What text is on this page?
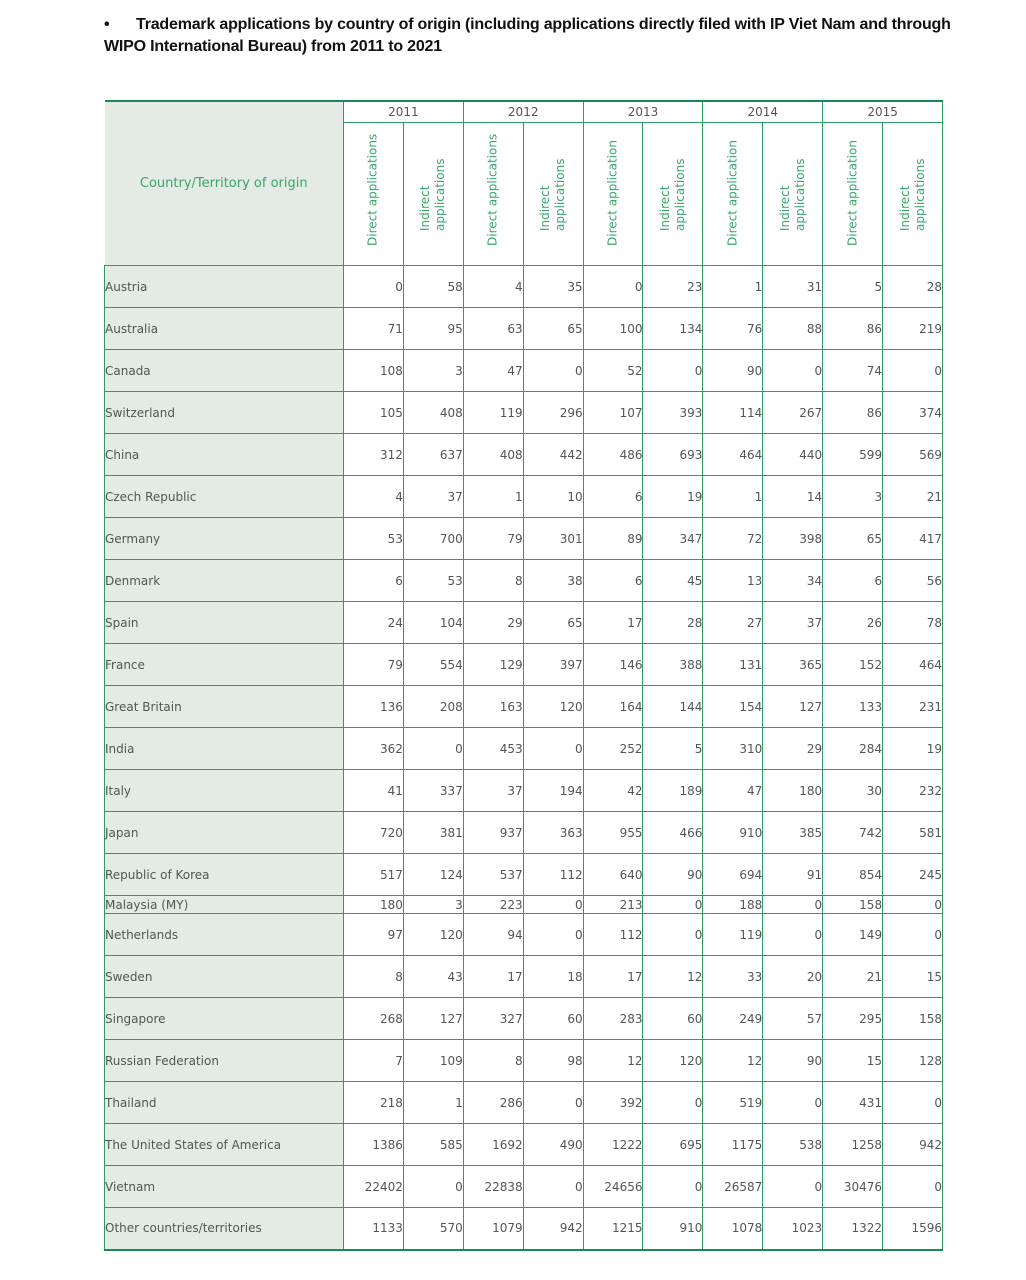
• Trademark applications by country of origin (including applications directly filed with IP Viet Nam and through WIPO International Bureau) from 2011 to 2021
Country/Territory of origin	2011		2012		2013		2014		2015	

	Direct applications	Indirect applications	Direct applications	Indirect applications	Direct application	Indirect applications	Direct application	Indirect applications	Direct application	Indirect applications

Austria	0	58	4	35	0	23	1	31	5	28
Australia	71	95	63	65	100	134	76	88	86	219
Canada	108	3	47	0	52	0	90	0	74	0
Switzerland	105	408	119	296	107	393	114	267	86	374
China	312	637	408	442	486	693	464	440	599	569
Czech Republic	4	37	1	10	6	19	1	14	3	21
Germany	53	700	79	301	89	347	72	398	65	417
Denmark	6	53	8	38	6	45	13	34	6	56
Spain	24	104	29	65	17	28	27	37	26	78
France	79	554	129	397	146	388	131	365	152	464
Great Britain	136	208	163	120	164	144	154	127	133	231
India	362	0	453	0	252	5	310	29	284	19
Italy	41	337	37	194	42	189	47	180	30	232
Japan	720	381	937	363	955	466	910	385	742	581
Republic of Korea	517	124	537	112	640	90	694	91	854	245
Malaysia (MY)	180	3	223	0	213	0	188	0	158	0
Netherlands	97	120	94	0	112	0	119	0	149	0
Sweden	8	43	17	18	17	12	33	20	21	15
Singapore	268	127	327	60	283	60	249	57	295	158
Russian Federation	7	109	8	98	12	120	12	90	15	128
Thailand	218	1	286	0	392	0	519	0	431	0
The United States of America	1386	585	1692	490	1222	695	1175	538	1258	942
Vietnam	22402	0	22838	0	24656	0	26587	0	30476	0
Other countries/territories	1133	570	1079	942	1215	910	1078	1023	1322	1596
